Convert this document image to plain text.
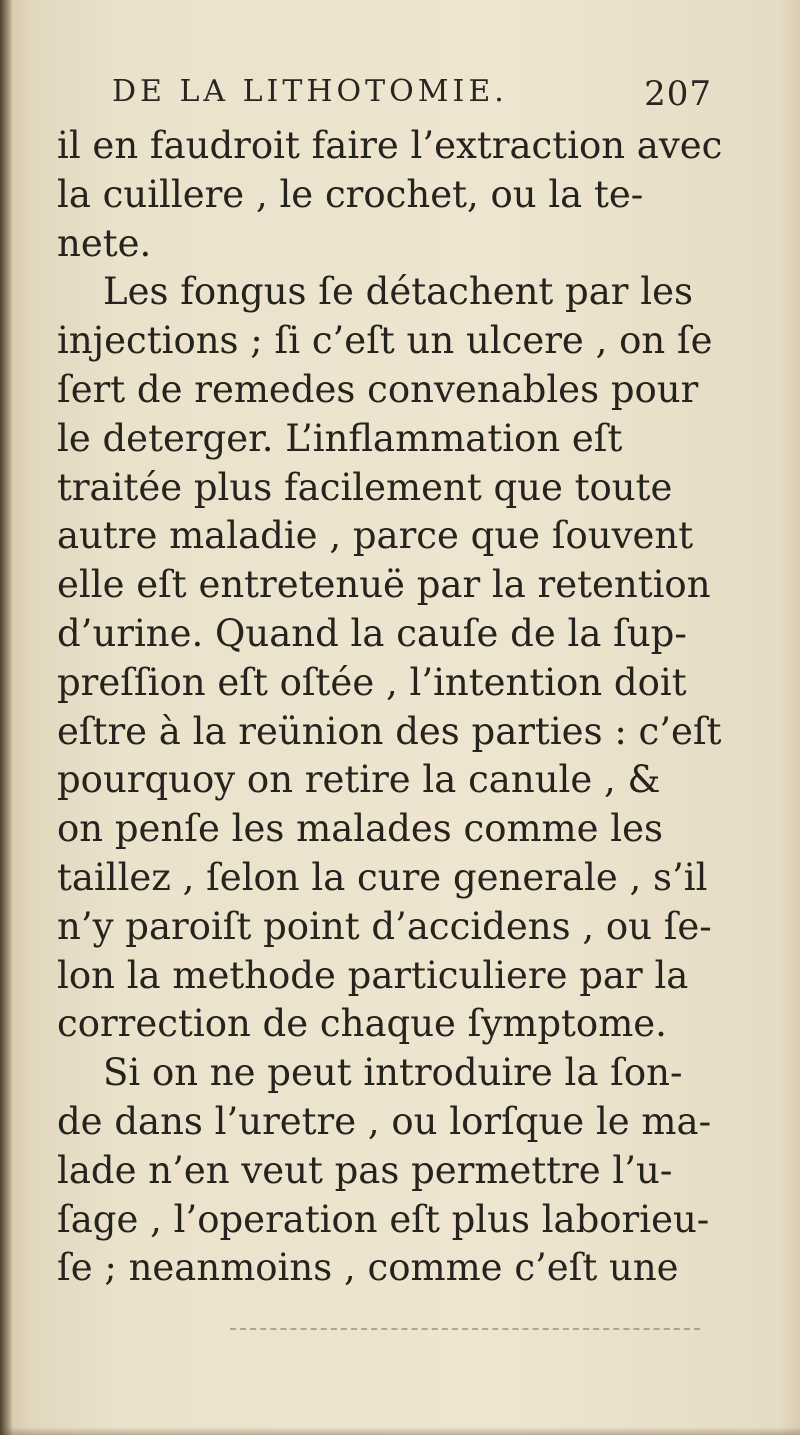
DE LA LITHOTOMIE.	207
il en faudroit faire l’extraction avec
la cuillere , le crochet, ou la te-
nete.
Les fongus ſe détachent par les
injections ; ſi c’eſt un ulcere , on ſe
ſert de remedes convenables pour
le deterger. L’inflammation eſt
traitée plus facilement que toute
autre maladie , parce que ſouvent
elle eſt entretenuë par la retention
d’urine. Quand la cauſe de la ſup-
preſſion eſt oſtée , l’intention doit
eſtre à la reünion des parties : c’eſt
pourquoy on retire la canule , &
on penſe les malades comme les
taillez , ſelon la cure generale , s’il
n’y paroiſt point d’accidens , ou ſe-
lon la methode particuliere par la
correction de chaque ſymptome.
Si on ne peut introduire la ſon-
de dans l’uretre , ou lorſque le ma-
lade n’en veut pas permettre l’u-
ſage , l’operation eſt plus laborieu-
ſe ; neanmoins , comme c’eſt une
